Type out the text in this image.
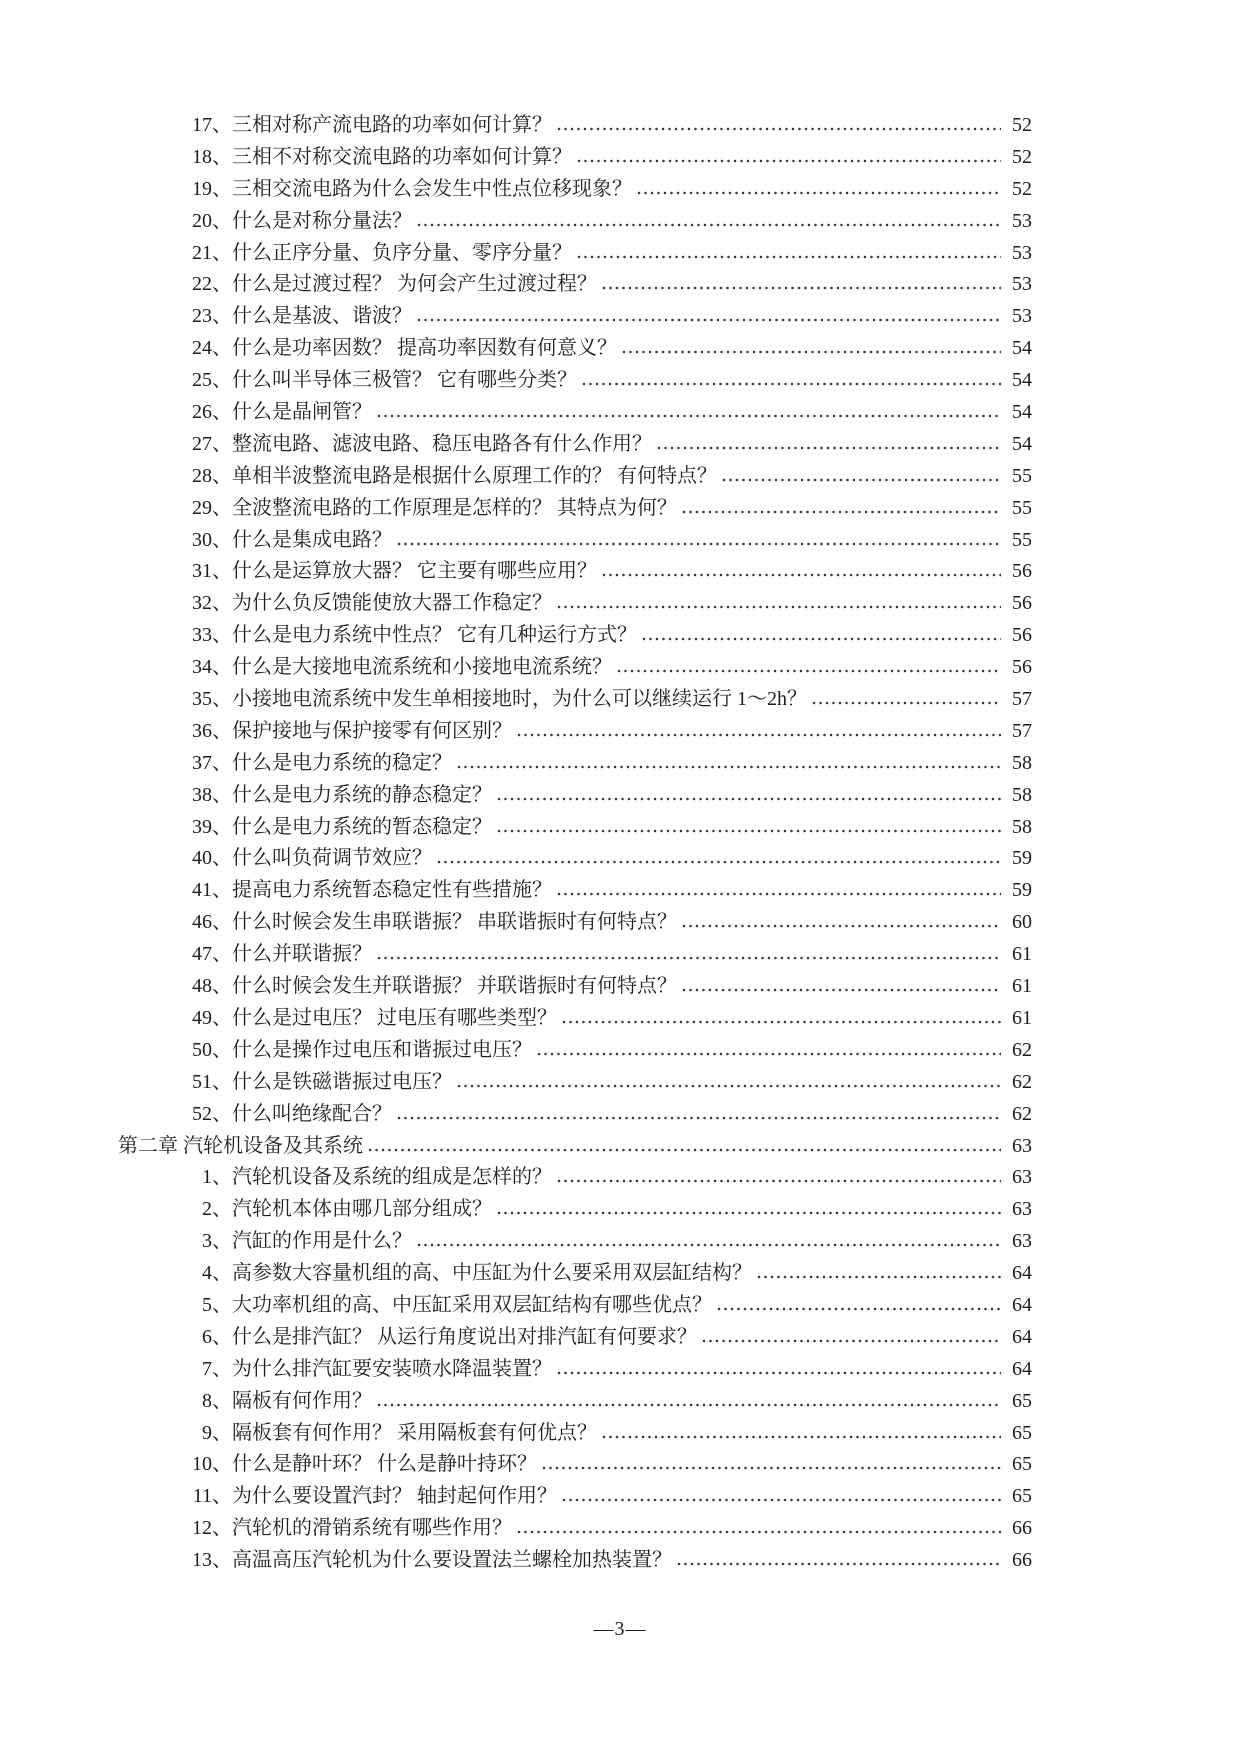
17、 三相对称产流电路的功率如何计算？	52
18、 三相不对称交流电路的功率如何计算？	52
19、 三相交流电路为什么会发生中性点位移现象？	52
20、 什么是对称分量法？	53
21、 什么正序分量、负序分量、零序分量？	53
22、 什么是过渡过程？ 为何会产生过渡过程？	53
23、 什么是基波、谐波？	53
24、 什么是功率因数？ 提高功率因数有何意义？	54
25、 什么叫半导体三极管？ 它有哪些分类？	54
26、 什么是晶闸管？	54
27、 整流电路、滤波电路、稳压电路各有什么作用？	54
28、 单相半波整流电路是根据什么原理工作的？ 有何特点？	55
29、 全波整流电路的工作原理是怎样的？ 其特点为何？	55
30、 什么是集成电路？	55
31、 什么是运算放大器？ 它主要有哪些应用？	56
32、 为什么负反馈能使放大器工作稳定？	56
33、 什么是电力系统中性点？ 它有几种运行方式？	56
34、 什么是大接地电流系统和小接地电流系统？	56
35、 小接地电流系统中发生单相接地时，为什么可以继续运行 1～2h？	57
36、 保护接地与保护接零有何区别？	57
37、 什么是电力系统的稳定？	58
38、 什么是电力系统的静态稳定？	58
39、 什么是电力系统的暂态稳定？	58
40、 什么叫负荷调节效应？	59
41、 提高电力系统暂态稳定性有些措施？	59
46、 什么时候会发生串联谐振？ 串联谐振时有何特点？	60
47、 什么并联谐振？	61
48、 什么时候会发生并联谐振？ 并联谐振时有何特点？	61
49、 什么是过电压？ 过电压有哪些类型？	61
50、 什么是操作过电压和谐振过电压？	62
51、 什么是铁磁谐振过电压？	62
52、 什么叫绝缘配合？	62
第二章 汽轮机设备及其系统	63
1、 汽轮机设备及系统的组成是怎样的？	63
2、 汽轮机本体由哪几部分组成？	63
3、 汽缸的作用是什么？	63
4、 高参数大容量机组的高、中压缸为什么要采用双层缸结构？	64
5、 大功率机组的高、中压缸采用双层缸结构有哪些优点？	64
6、 什么是排汽缸？ 从运行角度说出对排汽缸有何要求？	64
7、 为什么排汽缸要安装喷水降温装置？	64
8、 隔板有何作用？	65
9、 隔板套有何作用？ 采用隔板套有何优点？	65
10、 什么是静叶环？ 什么是静叶持环？	65
11、 为什么要设置汽封？ 轴封起何作用？	65
12、 汽轮机的滑销系统有哪些作用？	66
13、 高温高压汽轮机为什么要设置法兰螺栓加热装置？	66
—3—
